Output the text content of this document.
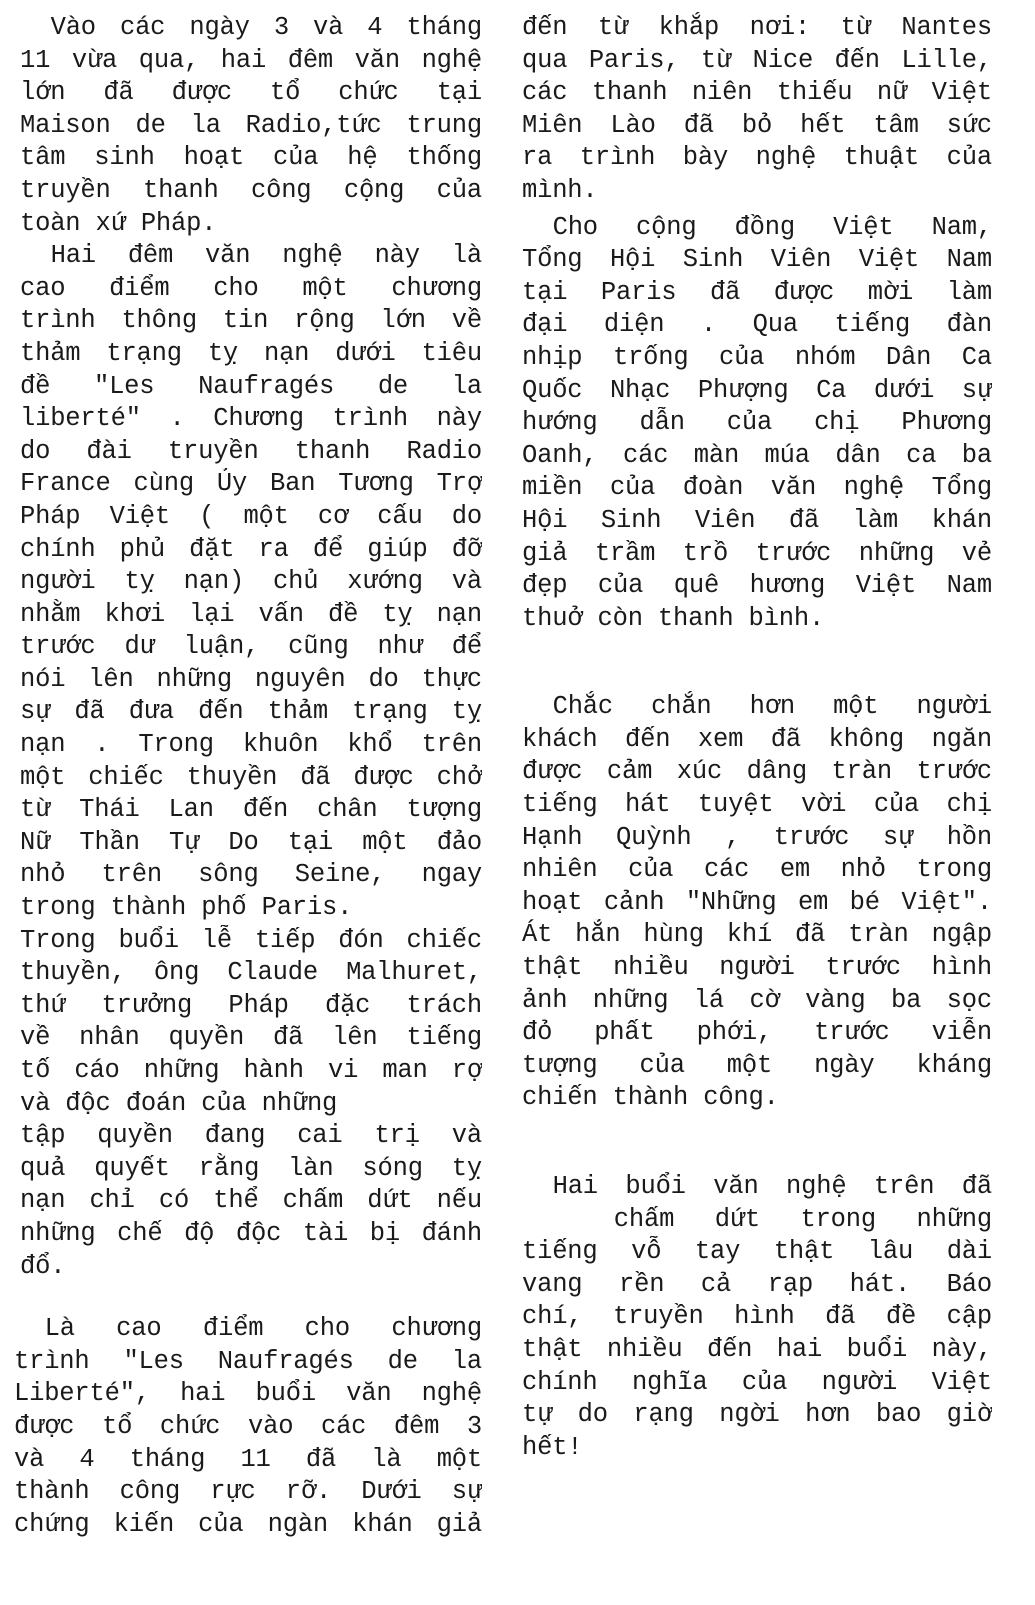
Vào các ngày 3 và 4 tháng
11 vừa qua, hai đêm văn nghệ
lớn đã được tổ chức tại
Maison de la Radio,tức trung
tâm sinh hoạt của hệ thống
truyền thanh công cộng của
toàn xứ Pháp.
Hai đêm văn nghệ này là
cao điểm cho một chương
trình thông tin rộng lớn về
thảm trạng tỵ nạn dưới tiêu
đề "Les Naufragés de la
liberté" . Chương trình này
do đài truyền thanh Radio
France cùng Ủy Ban Tương Trợ
Pháp Việt ( một cơ cấu do
chính phủ đặt ra để giúp đỡ
người tỵ nạn) chủ xướng và
nhằm khơi lại vấn đề tỵ nạn
trước dư luận, cũng như để
nói lên những nguyên do thực
sự đã đưa đến thảm trạng tỵ
nạn . Trong khuôn khổ trên
một chiếc thuyền đã được chở
từ Thái Lan đến chân tượng
Nữ Thần Tự Do tại một đảo
nhỏ trên sông Seine, ngay
trong thành phố Paris.
Trong buổi lễ tiếp đón chiếc
thuyền, ông Claude Malhuret,
thứ trưởng Pháp đặc trách
về nhân quyền đã lên tiếng
tố cáo những hành vi man rợ
và độc đoán của những
tập quyền đang cai trị và
quả quyết rằng làn sóng tỵ
nạn chỉ có thể chấm dứt nếu
những chế độ độc tài bị đánh
đổ.
Là cao điểm cho chương
trình "Les Naufragés de la
Liberté", hai buổi văn nghệ
được tổ chức vào các đêm 3
và 4 tháng 11 đã là một
thành công rực rỡ. Dưới sự
chứng kiến của ngàn khán giả
đến từ khắp nơi: từ Nantes
qua Paris, từ Nice đến Lille,
các thanh niên thiếu nữ Việt
Miên Lào đã bỏ hết tâm sức
ra trình bày nghệ thuật của
mình.
Cho cộng đồng Việt Nam,
Tổng Hội Sinh Viên Việt Nam
tại Paris đã được mời làm
đại diện . Qua tiếng đàn
nhịp trống của nhóm Dân Ca
Quốc Nhạc Phượng Ca dưới sự
hướng dẫn của chị Phương
Oanh, các màn múa dân ca ba
miền của đoàn văn nghệ Tổng
Hội Sinh Viên đã làm khán
giả trầm trồ trước những vẻ
đẹp của quê hương Việt Nam
thuở còn thanh bình.
Chắc chắn hơn một người
khách đến xem đã không ngăn
được cảm xúc dâng tràn trước
tiếng hát tuyệt vời của chị
Hạnh Quỳnh , trước sự hồn
nhiên của các em nhỏ trong
hoạt cảnh "Những em bé Việt".
Át hẳn hùng khí đã tràn ngập
thật nhiều người trước hình
ảnh những lá cờ vàng ba sọc
đỏ phất phới, trước viễn
tượng của một ngày kháng
chiến thành công.
Hai buổi văn nghệ trên đã
chấm dứt trong những
tiếng vỗ tay thật lâu dài
vang rền cả rạp hát. Báo
chí, truyền hình đã đề cập
thật nhiều đến hai buổi này,
chính nghĩa của người Việt
tự do rạng ngời hơn bao giờ
hết!
